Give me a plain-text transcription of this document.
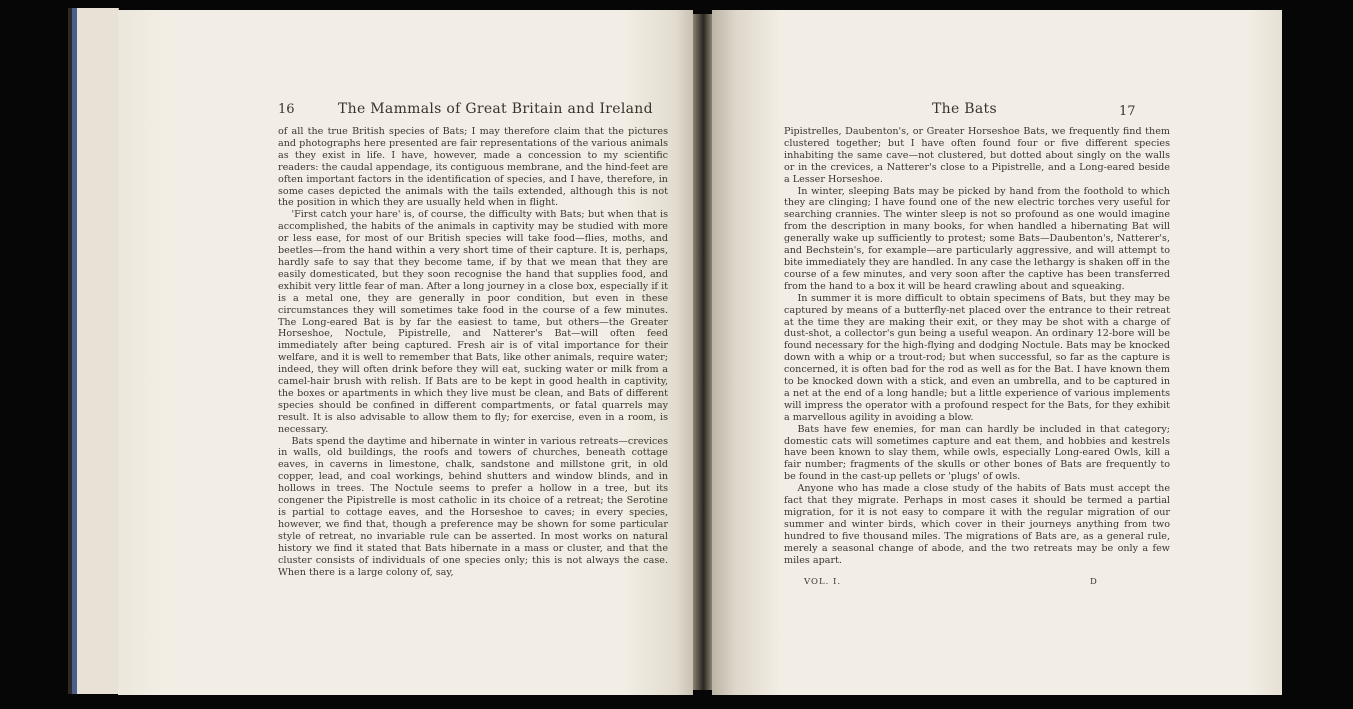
16	The Mammals of Great Britain and Ireland

of all the true British species of Bats; I may therefore claim that the pictures and photographs here presented are fair representations of the various animals as they exist in life. I have, however, made a concession to my scientific readers: the caudal appendage, its contiguous membrane, and the hind-feet are often important factors in the identification of species, and I have, therefore, in some cases depicted the animals with the tails extended, although this is not the position in which they are usually held when in flight.

'First catch your hare' is, of course, the difficulty with Bats; but when that is accomplished, the habits of the animals in captivity may be studied with more or less ease, for most of our British species will take food—flies, moths, and beetles—from the hand within a very short time of their capture. It is, perhaps, hardly safe to say that they become tame, if by that we mean that they are easily domesticated, but they soon recognise the hand that supplies food, and exhibit very little fear of man. After a long journey in a close box, especially if it is a metal one, they are generally in poor condition, but even in these circumstances they will sometimes take food in the course of a few minutes. The Long-eared Bat is by far the easiest to tame, but others—the Greater Horseshoe, Noctule, Pipistrelle, and Natterer's Bat—will often feed immediately after being captured. Fresh air is of vital importance for their welfare, and it is well to remember that Bats, like other animals, require water; indeed, they will often drink before they will eat, sucking water or milk from a camel-hair brush with relish. If Bats are to be kept in good health in captivity, the boxes or apartments in which they live must be clean, and Bats of different species should be confined in different compartments, or fatal quarrels may result. It is also advisable to allow them to fly; for exercise, even in a room, is necessary.

Bats spend the daytime and hibernate in winter in various retreats—crevices in walls, old buildings, the roofs and towers of churches, beneath cottage eaves, in caverns in limestone, chalk, sandstone and millstone grit, in old copper, lead, and coal workings, behind shutters and window blinds, and in hollows in trees. The Noctule seems to prefer a hollow in a tree, but its congener the Pipistrelle is most catholic in its choice of a retreat; the Serotine is partial to cottage eaves, and the Horseshoe to caves; in every species, however, we find that, though a preference may be shown for some particular style of retreat, no invariable rule can be asserted. In most works on natural history we find it stated that Bats hibernate in a mass or cluster, and that the cluster consists of individuals of one species only; this is not always the case. When there is a large colony of, say,

The Bats	17

Pipistrelles, Daubenton's, or Greater Horseshoe Bats, we frequently find them clustered together; but I have often found four or five different species inhabiting the same cave—not clustered, but dotted about singly on the walls or in the crevices, a Natterer's close to a Pipistrelle, and a Long-eared beside a Lesser Horseshoe.

In winter, sleeping Bats may be picked by hand from the foothold to which they are clinging; I have found one of the new electric torches very useful for searching crannies. The winter sleep is not so profound as one would imagine from the description in many books, for when handled a hibernating Bat will generally wake up sufficiently to protest; some Bats—Daubenton's, Natterer's, and Bechstein's, for example—are particularly aggressive, and will attempt to bite immediately they are handled. In any case the lethargy is shaken off in the course of a few minutes, and very soon after the captive has been transferred from the hand to a box it will be heard crawling about and squeaking.

In summer it is more difficult to obtain specimens of Bats, but they may be captured by means of a butterfly-net placed over the entrance to their retreat at the time they are making their exit, or they may be shot with a charge of dust-shot, a collector's gun being a useful weapon. An ordinary 12-bore will be found necessary for the high-flying and dodging Noctule. Bats may be knocked down with a whip or a trout-rod; but when successful, so far as the capture is concerned, it is often bad for the rod as well as for the Bat. I have known them to be knocked down with a stick, and even an umbrella, and to be captured in a net at the end of a long handle; but a little experience of various implements will impress the operator with a profound respect for the Bats, for they exhibit a marvellous agility in avoiding a blow.

Bats have few enemies, for man can hardly be included in that category; domestic cats will sometimes capture and eat them, and hobbies and kestrels have been known to slay them, while owls, especially Long-eared Owls, kill a fair number; fragments of the skulls or other bones of Bats are frequently to be found in the cast-up pellets or 'plugs' of owls.

Anyone who has made a close study of the habits of Bats must accept the fact that they migrate. Perhaps in most cases it should be termed a partial migration, for it is not easy to compare it with the regular migration of our summer and winter birds, which cover in their journeys anything from two hundred to five thousand miles. The migrations of Bats are, as a general rule, merely a seasonal change of abode, and the two retreats may be only a few miles apart.

VOL. I.	D
